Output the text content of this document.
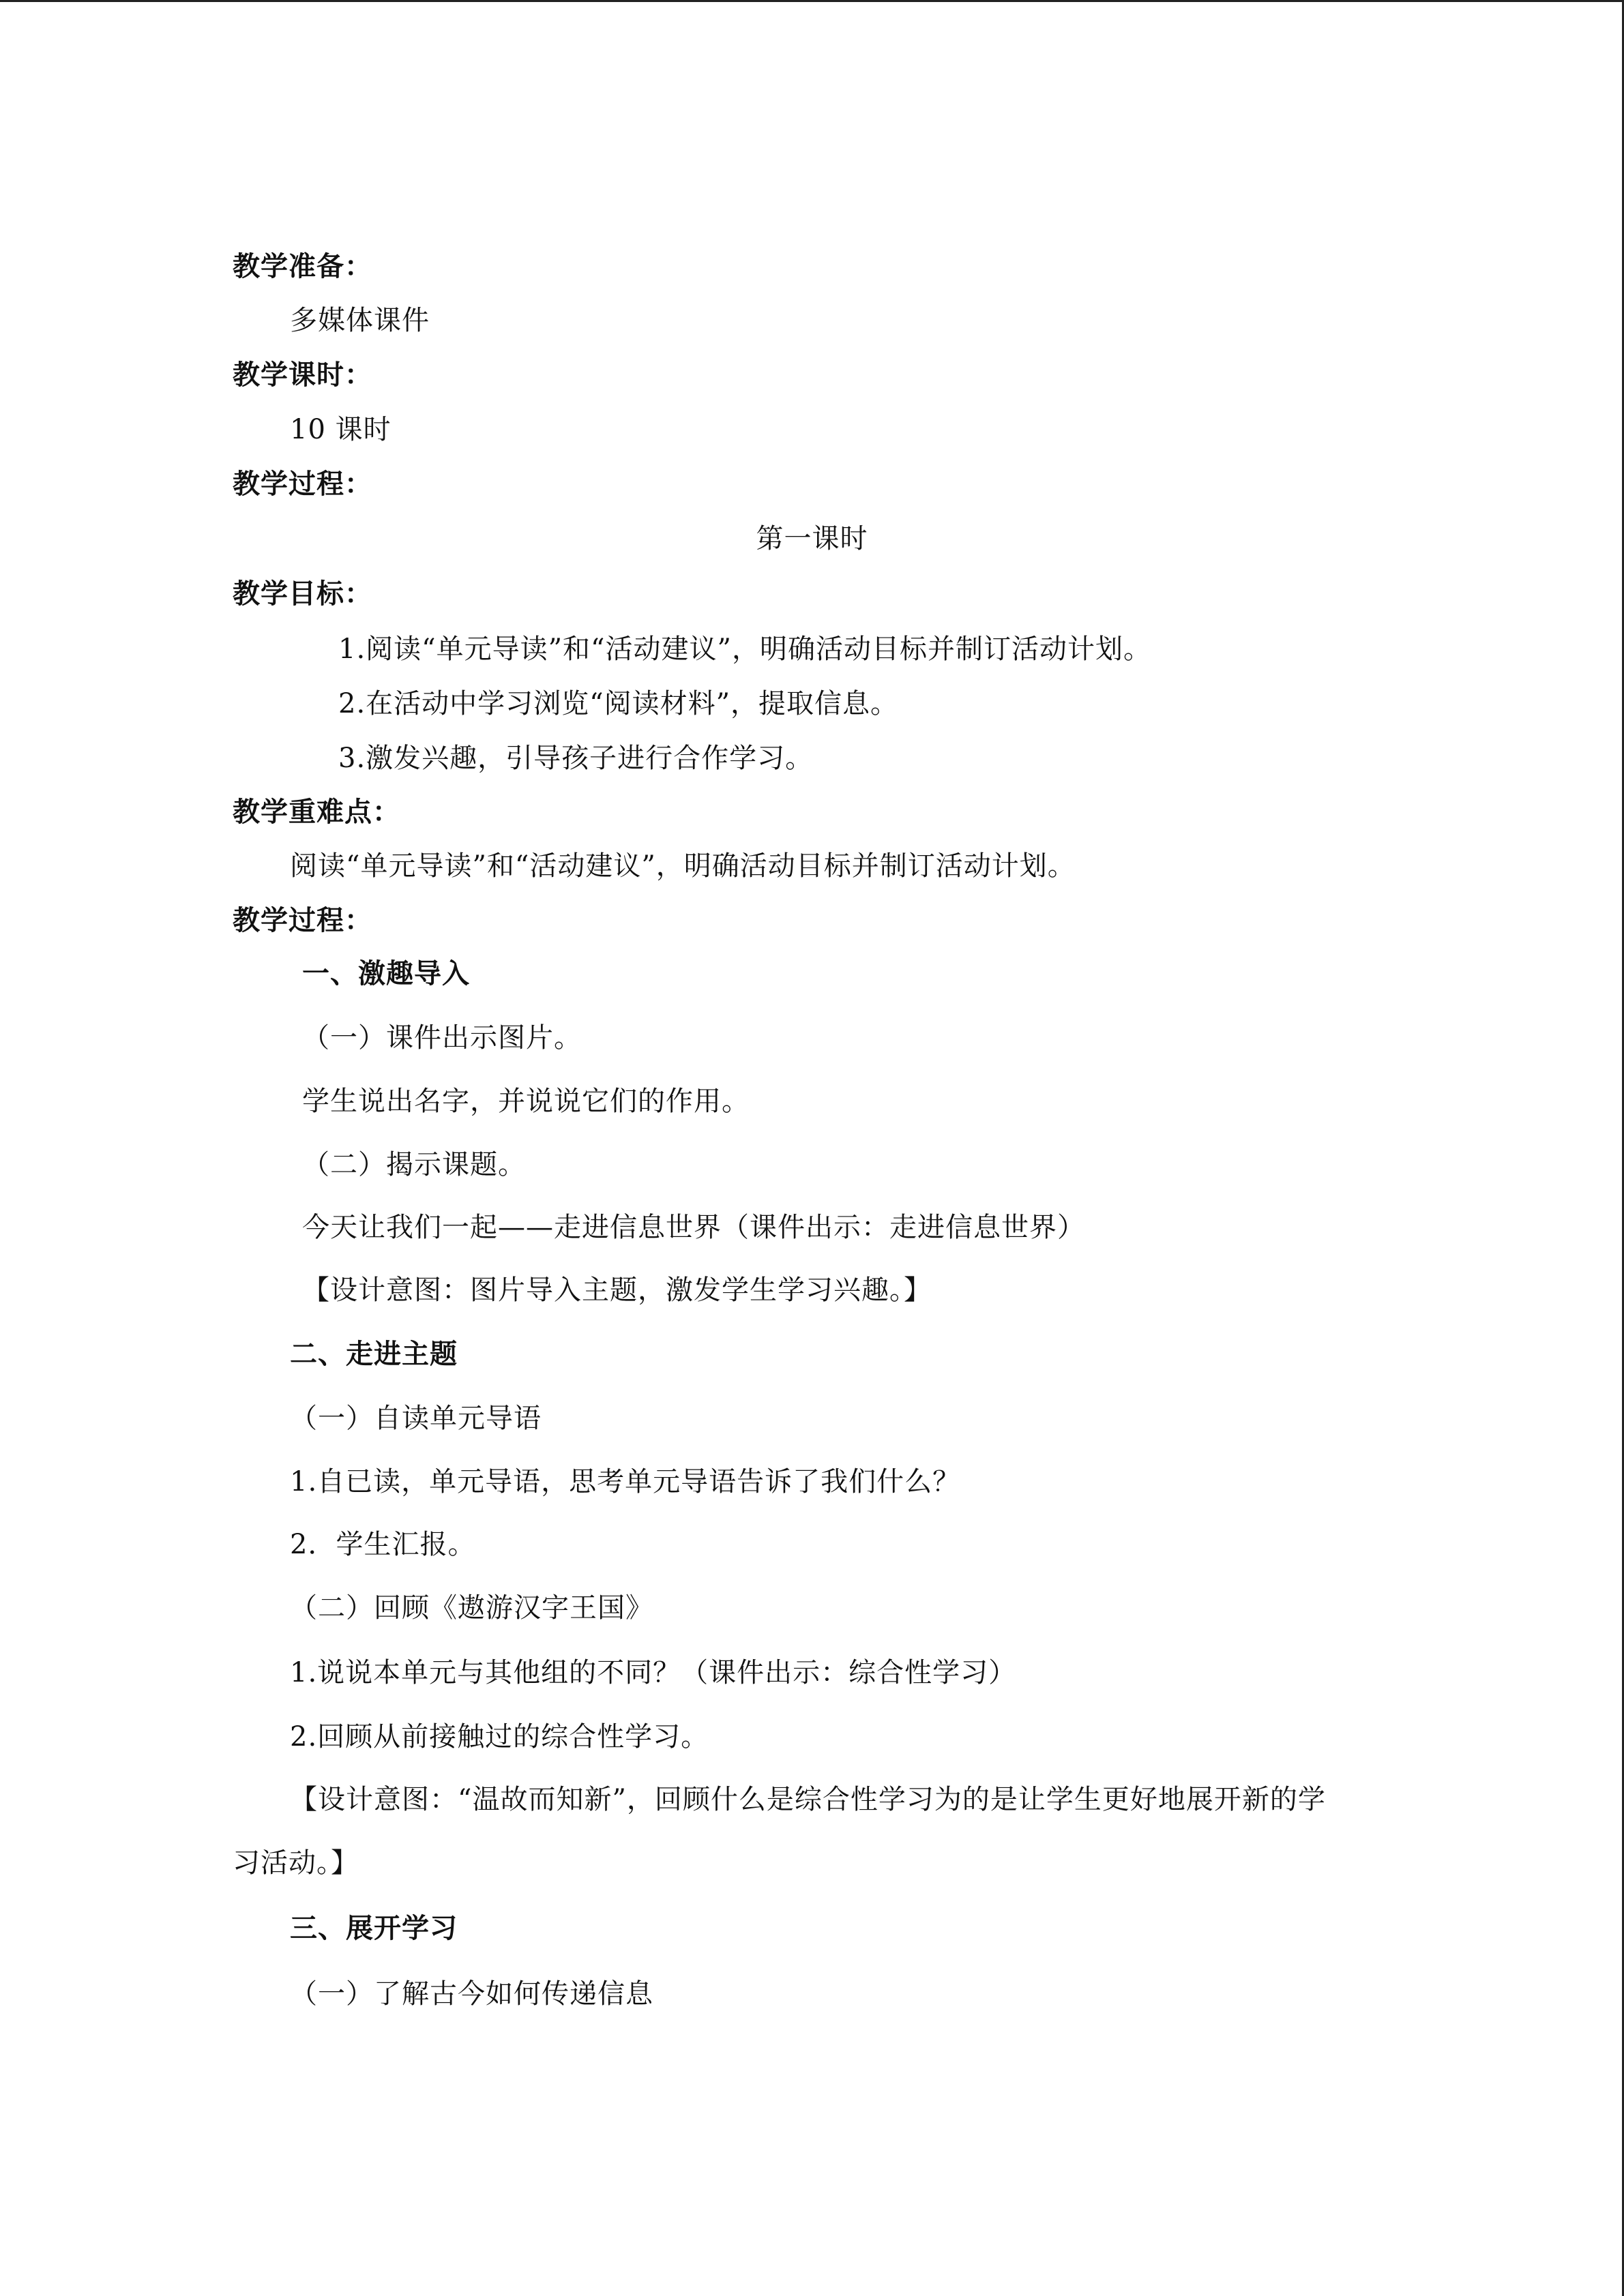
教学准备：
多媒体课件
教学课时：
10 课时
教学过程：
第一课时
教学目标：
1.阅读“单元导读”和“活动建议”，明确活动目标并制订活动计划。
2.在活动中学习浏览“阅读材料”，提取信息。
3.激发兴趣，引导孩子进行合作学习。
教学重难点：
阅读“单元导读”和“活动建议”，明确活动目标并制订活动计划。
教学过程：
一、激趣导入
（一）课件出示图片。
学生说出名字，并说说它们的作用。
（二）揭示课题。
今天让我们一起——走进信息世界（课件出示：走进信息世界）
【设计意图：图片导入主题，激发学生学习兴趣。】
二、走进主题
（一）自读单元导语
1.自已读，单元导语，思考单元导语告诉了我们什么？
2．学生汇报。
（二）回顾《遨游汉字王国》
1.说说本单元与其他组的不同？（课件出示：综合性学习）
2.回顾从前接触过的综合性学习。
【设计意图：“温故而知新”，回顾什么是综合性学习为的是让学生更好地展开新的学
习活动。】
三、展开学习
（一）了解古今如何传递信息
